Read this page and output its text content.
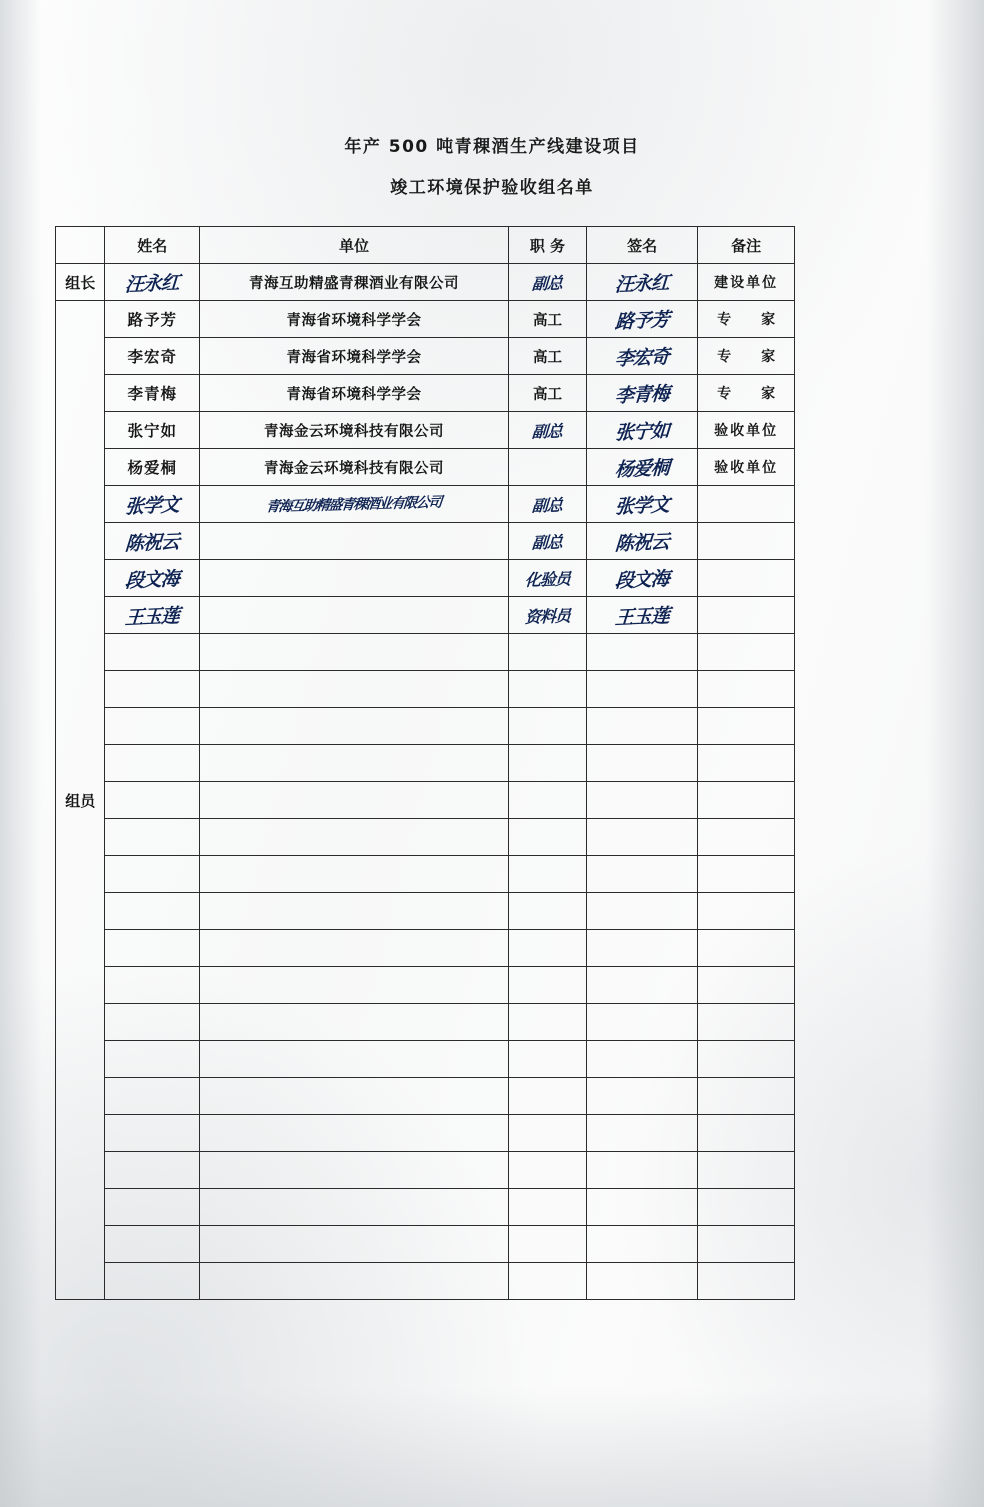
年产 500 吨青稞酒生产线建设项目
竣工环境保护验收组名单

	姓名	单位	职 务	签名	备注

组长	汪永红	青海互助精盛青稞酒业有限公司	副总	汪永红	建设单位

组员	路予芳	青海省环境科学学会	高工	路予芳	专　家

	李宏奇	青海省环境科学学会	高工	李宏奇	专　家

	李青梅	青海省环境科学学会	高工	李青梅	专　家

	张宁如	青海金云环境科技有限公司	副总	张宁如	验收单位

	杨爱桐	青海金云环境科技有限公司		杨爱桐	验收单位

	张学文	青海互助精盛青稞酒业有限公司	副总	张学文	

	陈祝云		副总	陈祝云	

	段文海		化验员	段文海	

	王玉莲		资料员	王玉莲	
